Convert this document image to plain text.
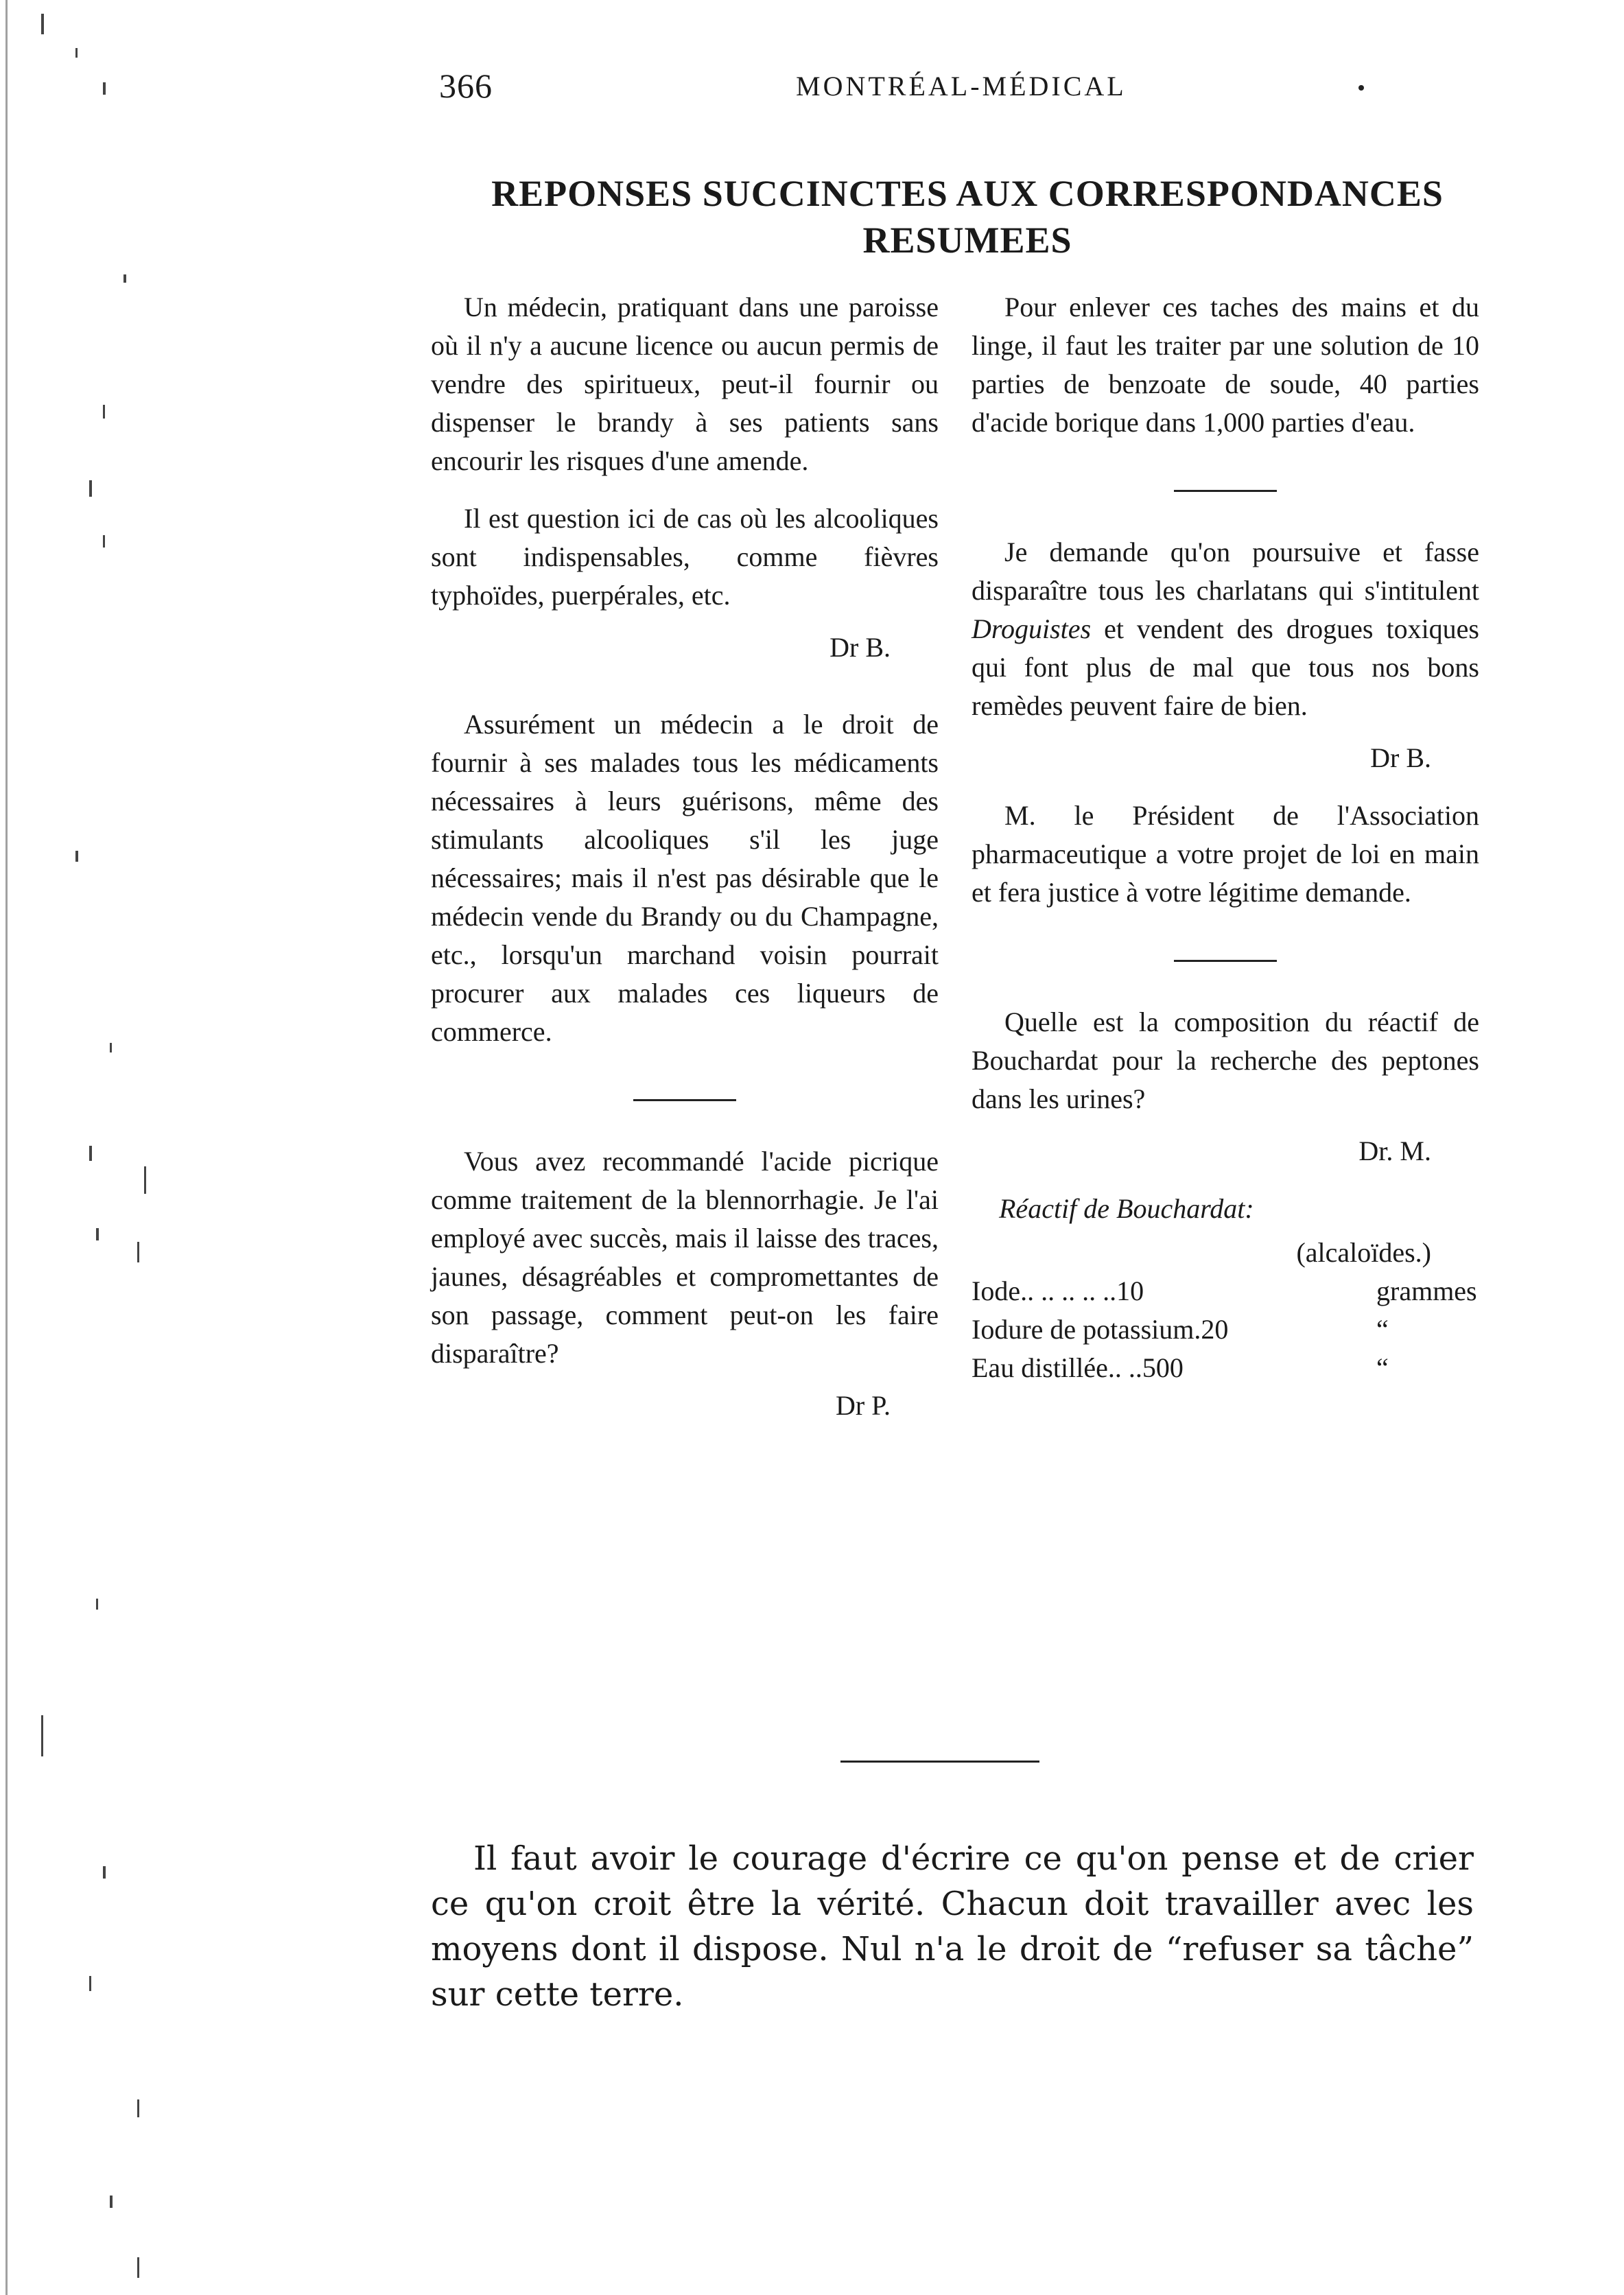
366	MONTRÉAL-MÉDICAL
REPONSES SUCCINCTES AUX CORRESPONDANCES
RESUMEES

Un médecin, pratiquant dans une paroisse où il n'y a aucune licence ou aucun permis de vendre des spiritueux, peut-il fournir ou dispenser le brandy à ses patients sans encourir les risques d'une amende.

Il est question ici de cas où les alcooliques sont indispensables, comme fièvres typhoïdes, puerpérales, etc.

Dr B.

Assurément un médecin a le droit de fournir à ses malades tous les médicaments nécessaires à leurs guérisons, même des stimulants alcooliques s'il les juge nécessaires; mais il n'est pas désirable que le médecin vende du Brandy ou du Champagne, etc., lorsqu'un marchand voisin pourrait procurer aux malades ces liqueurs de commerce.

Vous avez recommandé l'acide picrique comme traitement de la blennorrhagie. Je l'ai employé avec succès, mais il laisse des traces, jaunes, désagréables et compromettantes de son passage, comment peut-on les faire disparaître?

Dr P.

Pour enlever ces taches des mains et du linge, il faut les traiter par une solution de 10 parties de benzoate de soude, 40 parties d'acide borique dans 1,000 parties d'eau.

Je demande qu'on poursuive et fasse disparaître tous les charlatans qui s'intitulent Droguistes et vendent des drogues toxiques qui font plus de mal que tous nos bons remèdes peuvent faire de bien.

Dr B.

M. le Président de l'Association pharmaceutique a votre projet de loi en main et fera justice à votre légitime demande.

Quelle est la composition du réactif de Bouchardat pour la recherche des peptones dans les urines?

Dr. M.

Réactif de Bouchardat:

(alcaloïdes.)

Iode.. .. .. .. ..10	grammes
Iodure de potassium.20	“
Eau distillée.. ..500	“

Il faut avoir le courage d'écrire ce qu'on pense et de crier ce qu'on croit être la vérité. Chacun doit travailler avec les moyens dont il dispose. Nul n'a le droit de “refuser sa tâche” sur cette terre.
